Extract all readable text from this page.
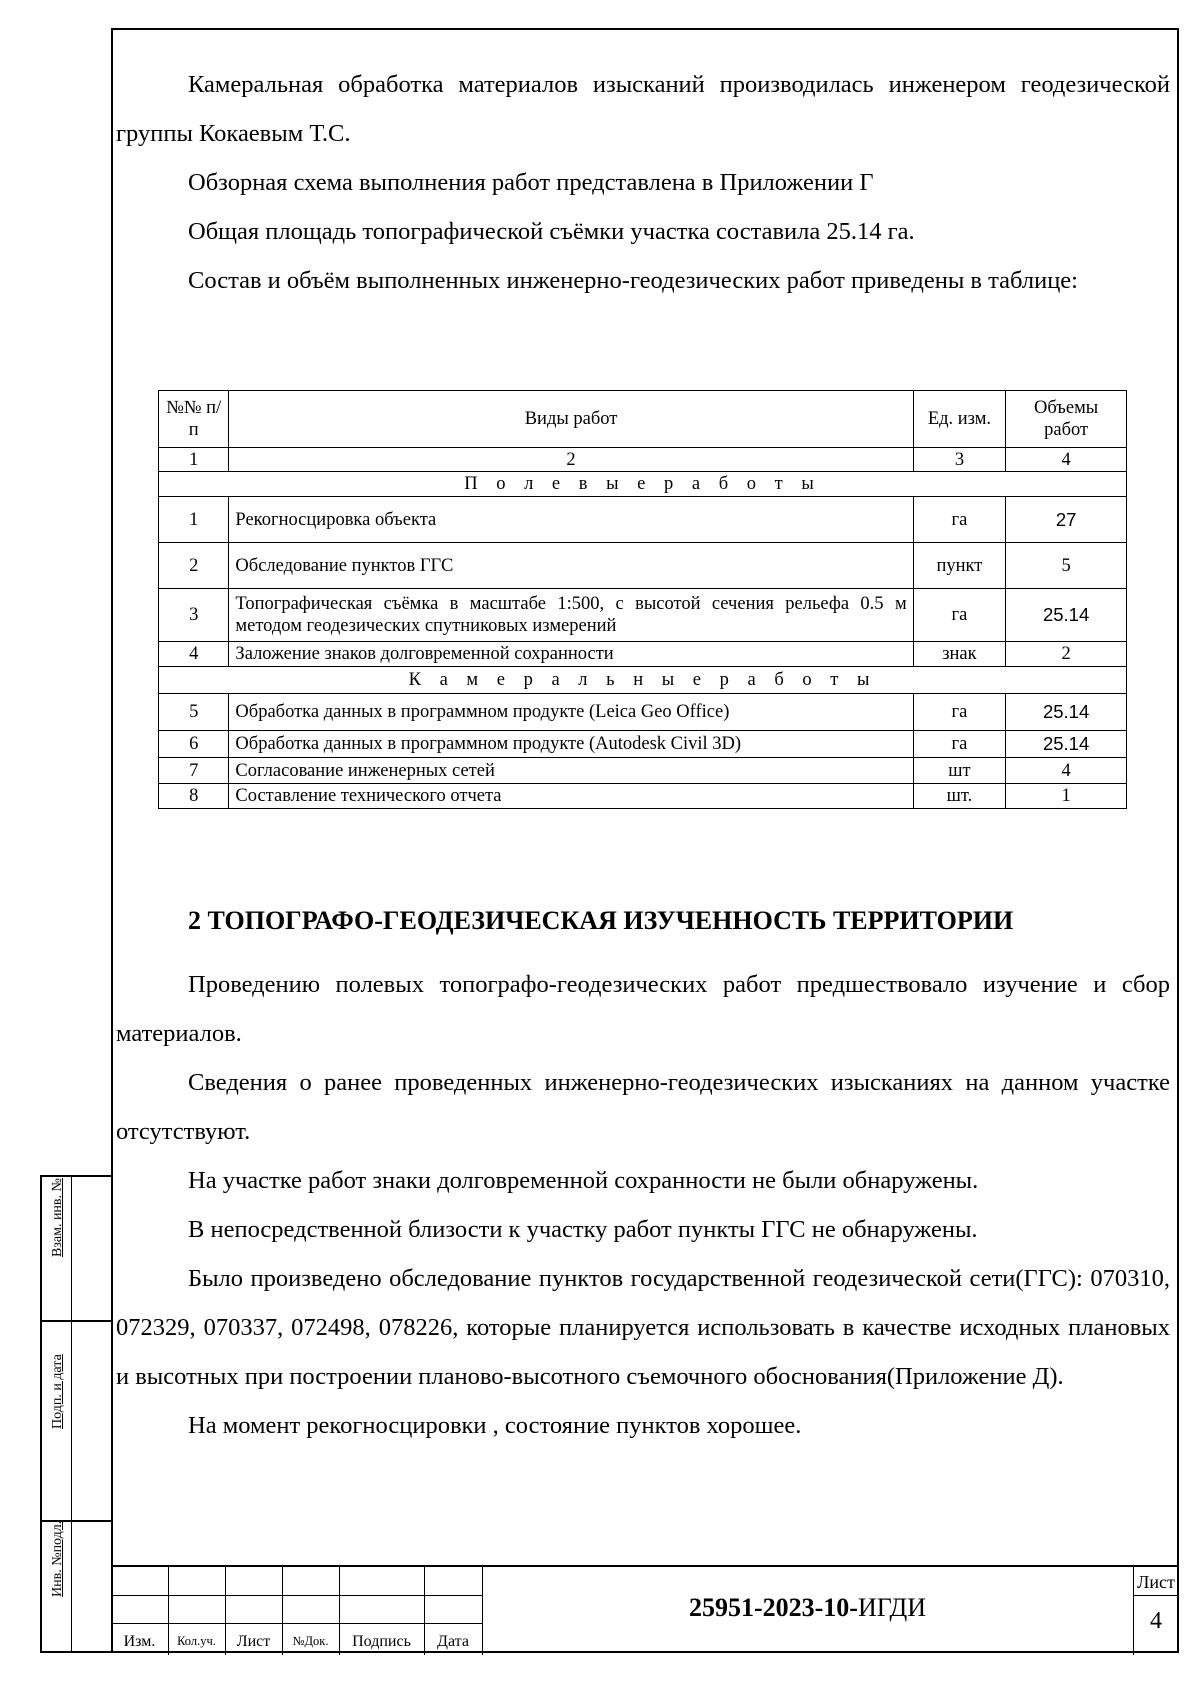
Камеральная обработка материалов изысканий производилась инженером геодезической группы Кокаевым Т.С.

Обзорная схема выполнения работ представлена в Приложении Г

Общая площадь топографической съёмки участка составила 25.14 га.

Состав и объём выполненных инженерно-геодезических работ приведены в таблице:

№№ п/п	Виды работ	Ед. изм.	Объемы работ
1	2	3	4
П о л е в ы е р а б о т ы			
1	Рекогносцировка объекта	га	27
2	Обследование пунктов ГГС	пункт	5
3	Топографическая съёмка в масштабе 1:500, с высотой сечения рельефа 0.5 м методом геодезических спутниковых измерений	га	25.14
4	Заложение знаков долговременной сохранности	знак	2
К а м е р а л ь н ы е р а б о т ы			
5	Обработка данных в программном продукте (Leica Geo Office)	га	25.14
6	Обработка данных в программном продукте (Autodesk Civil 3D)	га	25.14
7	Согласование инженерных сетей	шт	4
8	Составление технического отчета	шт.	1
2 ТОПОГРАФО-ГЕОДЕЗИЧЕСКАЯ ИЗУЧЕННОСТЬ ТЕРРИТОРИИ

Проведению полевых топографо-геодезических работ предшествовало изучение и сбор материалов.

Сведения о ранее проведенных инженерно-геодезических изысканиях на данном участке отсутствуют.

На участке работ знаки долговременной сохранности не были обнаружены.

В непосредственной близости к участку работ пункты ГГС не обнаружены.

Было произведено обследование пунктов государственной геодезической сети(ГГС): 070310, 072329, 070337, 072498, 078226, которые планируется использовать в качестве исходных плановых и высотных при построении планово-высотного съемочного обоснования(Приложение Д).

На момент рекогносцировки , состояние пунктов хорошее.

Взам. инв. №
Подп. и дата
Инв. №подл.
Изм.	Кол.уч.	Лист	№Док.	Подпись	Дата
25951-2023-10-ИГДИ
Лист
4
